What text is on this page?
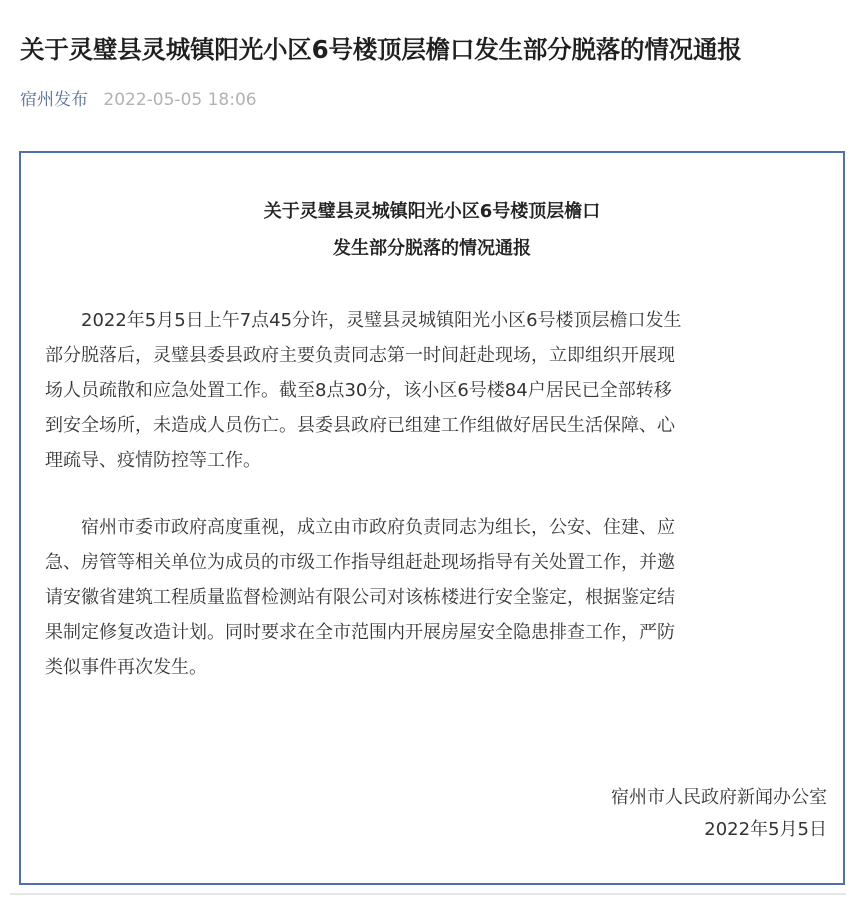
关于灵璧县灵城镇阳光小区6号楼顶层檐口发生部分脱落的情况通报
宿州发布 2022-05-05 18:06
关于灵璧县灵城镇阳光小区6号楼顶层檐口
发生部分脱落的情况通报
2022年5月5日上午7点45分许，灵璧县灵城镇阳光小区6号楼顶层檐口发生
部分脱落后，灵璧县委县政府主要负责同志第一时间赶赴现场，立即组织开展现
场人员疏散和应急处置工作。截至8点30分，该小区6号楼84户居民已全部转移
到安全场所，未造成人员伤亡。县委县政府已组建工作组做好居民生活保障、心
理疏导、疫情防控等工作。
宿州市委市政府高度重视，成立由市政府负责同志为组长，公安、住建、应
急、房管等相关单位为成员的市级工作指导组赶赴现场指导有关处置工作，并邀
请安徽省建筑工程质量监督检测站有限公司对该栋楼进行安全鉴定，根据鉴定结
果制定修复改造计划。同时要求在全市范围内开展房屋安全隐患排查工作，严防
类似事件再次发生。
宿州市人民政府新闻办公室
2022年5月5日
